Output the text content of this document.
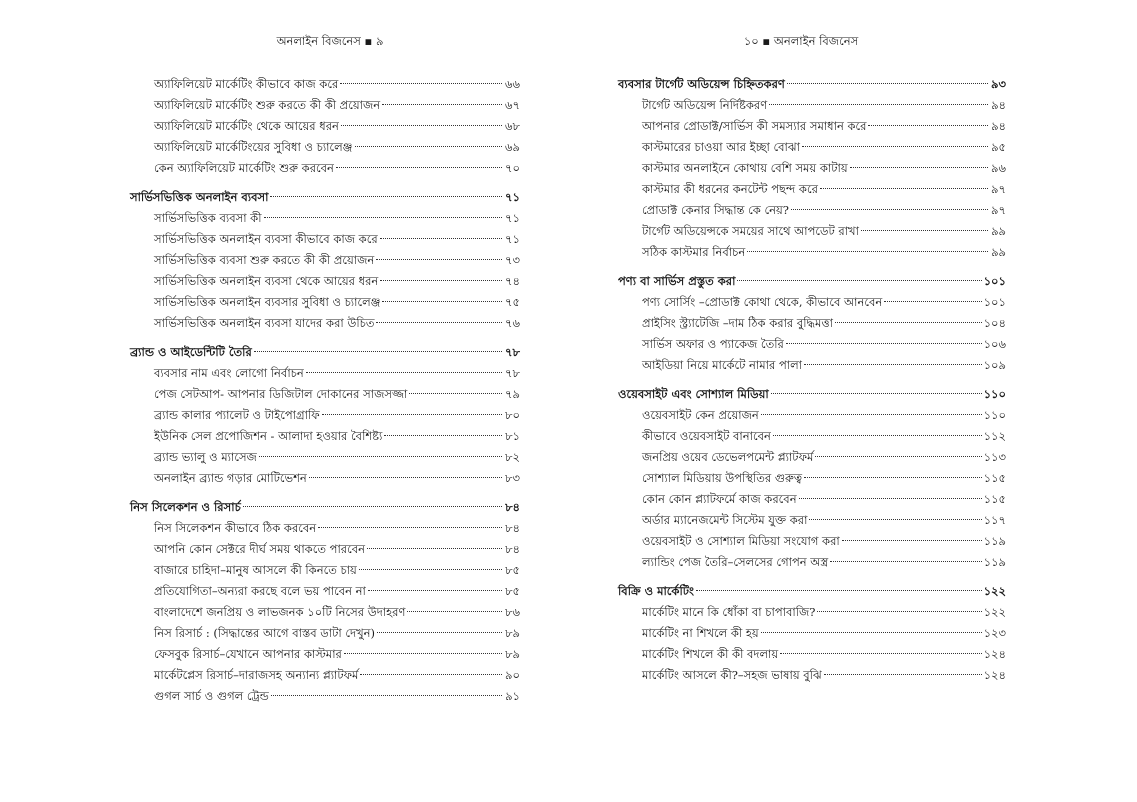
অনলাইন বিজনেস ▪ ৯
অ্যাফিলিয়েট মার্কেটিং কীভাবে কাজ করে	৬৬
অ্যাফিলিয়েট মার্কেটিং শুরু করতে কী কী প্রয়োজন	৬৭
অ্যাফিলিয়েট মার্কেটিং থেকে আয়ের ধরন	৬৮
অ্যাফিলিয়েট মার্কেটিংয়ের সুবিধা ও চ্যালেঞ্জ	৬৯
কেন অ্যাফিলিয়েট মার্কেটিং শুরু করবেন	৭০
সার্ভিসভিত্তিক অনলাইন ব্যবসা	৭১
সার্ভিসভিত্তিক ব্যবসা কী	৭১
সার্ভিসভিত্তিক অনলাইন ব্যবসা কীভাবে কাজ করে	৭১
সার্ভিসভিত্তিক ব্যবসা শুরু করতে কী কী প্রয়োজন	৭৩
সার্ভিসভিত্তিক অনলাইন ব্যবসা থেকে আয়ের ধরন	৭৪
সার্ভিসভিত্তিক অনলাইন ব্যবসার সুবিধা ও চ্যালেঞ্জ	৭৫
সার্ভিসভিত্তিক অনলাইন ব্যবসা যাদের করা উচিত	৭৬
ব্র্যান্ড ও আইডেন্টিটি তৈরি	৭৮
ব্যবসার নাম এবং লোগো নির্বাচন	৭৮
পেজ সেটআপ- আপনার ডিজিটাল দোকানের সাজসজ্জা	৭৯
ব্র্যান্ড কালার প্যালেট ও টাইপোগ্রাফি	৮০
ইউনিক সেল প্রপোজিশন - আলাদা হওয়ার বৈশিষ্ট্য	৮১
ব্র্যান্ড ভ্যালু ও ম্যাসেজ	৮২
অনলাইন ব্র্যান্ড গড়ার মোটিভেশন	৮৩
নিস সিলেকশন ও রিসার্চ	৮৪
নিস সিলেকশন কীভাবে ঠিক করবেন	৮৪
আপনি কোন সেক্টরে দীর্ঘ সময় থাকতে পারবেন	৮৪
বাজারে চাহিদা–মানুষ আসলে কী কিনতে চায়	৮৫
প্রতিযোগিতা–অন্যরা করছে বলে ভয় পাবেন না	৮৫
বাংলাদেশে জনপ্রিয় ও লাভজনক ১০টি নিসের উদাহরণ	৮৬
নিস রিসার্চ : (সিদ্ধান্তের আগে বাস্তব ডাটা দেখুন)	৮৯
ফেসবুক রিসার্চ–যেখানে আপনার কাস্টমার	৮৯
মার্কেটপ্লেস রিসার্চ–দারাজসহ অন্যান্য প্ল্যাটফর্ম	৯০
গুগল সার্চ ও গুগল ট্রেন্ড	৯১
১০ ▪ অনলাইন বিজনেস
ব্যবসার টার্গেট অডিয়েন্স চিহ্নিতকরণ	৯৩
টার্গেট অডিয়েন্স নির্দিষ্টকরণ	৯৪
আপনার প্রোডাক্ট/সার্ভিস কী সমস্যার সমাধান করে	৯৪
কাস্টমারের চাওয়া আর ইচ্ছা বোঝা	৯৫
কাস্টমার অনলাইনে কোথায় বেশি সময় কাটায়	৯৬
কাস্টমার কী ধরনের কনটেন্ট পছন্দ করে	৯৭
প্রোডাক্ট কেনার সিদ্ধান্ত কে নেয়?	৯৭
টার্গেট অডিয়েন্সকে সময়ের সাথে আপডেট রাখা	৯৯
সঠিক কাস্টমার নির্বাচন	৯৯
পণ্য বা সার্ভিস প্রস্তুত করা	১০১
পণ্য সোর্সিং –প্রোডাক্ট কোথা থেকে, কীভাবে আনবেন	১০১
প্রাইসিং স্ট্র্যাটেজি –দাম ঠিক করার বুদ্ধিমত্তা	১০৪
সার্ভিস অফার ও প্যাকেজ তৈরি	১০৬
আইডিয়া নিয়ে মার্কেটে নামার পালা	১০৯
ওয়েবসাইট এবং সোশ্যাল মিডিয়া	১১০
ওয়েবসাইট কেন প্রয়োজন	১১০
কীভাবে ওয়েবসাইট বানাবেন	১১২
জনপ্রিয় ওয়েব ডেভেলপমেন্ট প্ল্যাটফর্ম	১১৩
সোশ্যাল মিডিয়ায় উপস্থিতির গুরুত্ব	১১৫
কোন কোন প্ল্যাটফর্মে কাজ করবেন	১১৫
অর্ডার ম্যানেজমেন্ট সিস্টেম যুক্ত করা	১১৭
ওয়েবসাইট ও সোশ্যাল মিডিয়া সংযোগ করা	১১৯
ল্যান্ডিং পেজ তৈরি–সেলসের গোপন অস্ত্র	১১৯
বিক্রি ও মার্কেটিং	১২২
মার্কেটিং মানে কি ধোঁকা বা চাপাবাজি?	১২২
মার্কেটিং না শিখলে কী হয়	১২৩
মার্কেটিং শিখলে কী কী বদলায়	১২৪
মার্কেটিং আসলে কী?–সহজ ভাষায় বুঝি	১২৪
